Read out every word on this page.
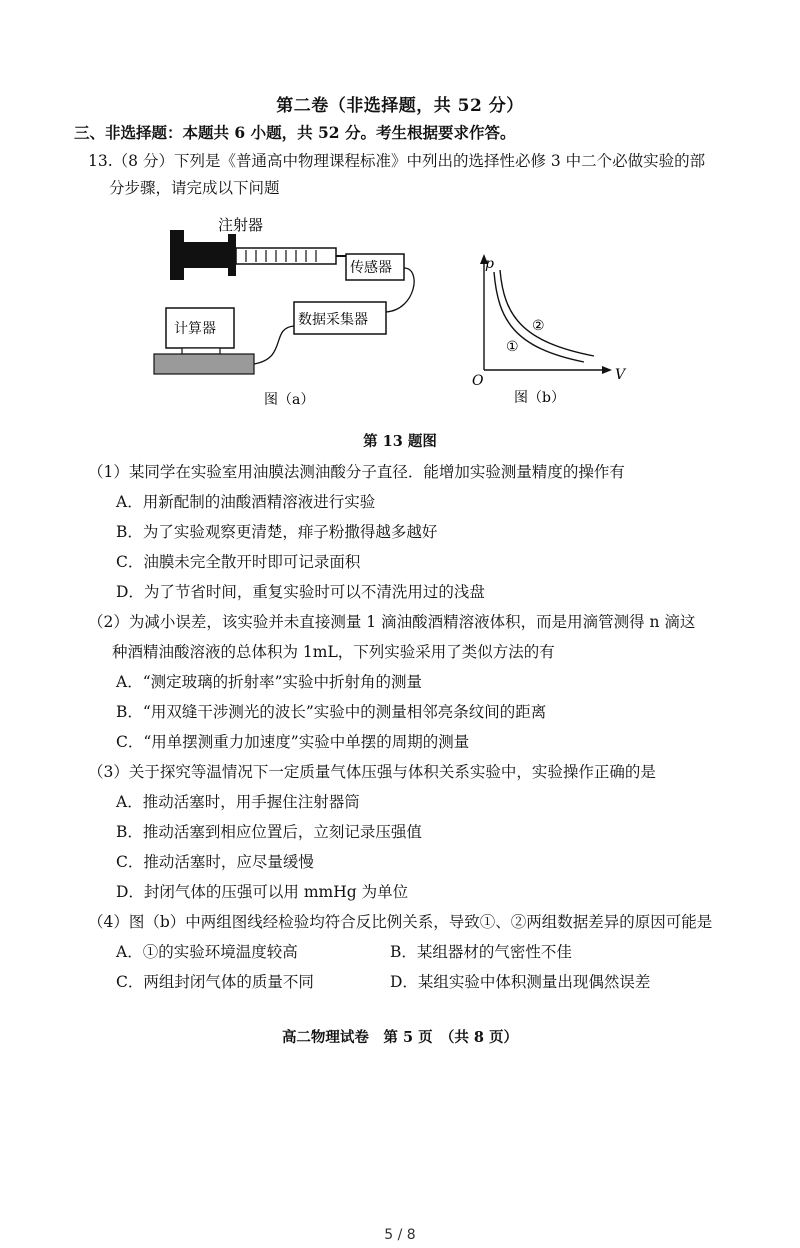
第二卷（非选择题，共 52 分）
三、非选择题：本题共 6 小题，共 52 分。考生根据要求作答。
13.（8 分）下列是《普通高中物理课程标准》中列出的选择性必修 3 中二个必做实验的部
分步骤，请完成以下问题
注射器
传感器
数据采集器
计算器
图（a）
p
V
O
①
②
图（b）
第 13 题图
（1）某同学在实验室用油膜法测油酸分子直径．能增加实验测量精度的操作有
A．用新配制的油酸酒精溶液进行实验
B．为了实验观察更清楚，痱子粉撒得越多越好
C．油膜未完全散开时即可记录面积
D．为了节省时间，重复实验时可以不清洗用过的浅盘
（2）为减小误差，该实验并未直接测量 1 滴油酸酒精溶液体积，而是用滴管测得 n 滴这
种酒精油酸溶液的总体积为 1mL，下列实验采用了类似方法的有
A．“测定玻璃的折射率”实验中折射角的测量
B．“用双缝干涉测光的波长”实验中的测量相邻亮条纹间的距离
C．“用单摆测重力加速度”实验中单摆的周期的测量
（3）关于探究等温情况下一定质量气体压强与体积关系实验中，实验操作正确的是
A．推动活塞时，用手握住注射器筒
B．推动活塞到相应位置后，立刻记录压强值
C．推动活塞时，应尽量缓慢
D．封闭气体的压强可以用 mmHg 为单位
（4）图（b）中两组图线经检验均符合反比例关系，导致①、②两组数据差异的原因可能是
A．①的实验环境温度较高	B．某组器材的气密性不佳
C．两组封闭气体的质量不同	D．某组实验中体积测量出现偶然误差
高二物理试卷　第 5 页　（共 8 页）
5 / 8
